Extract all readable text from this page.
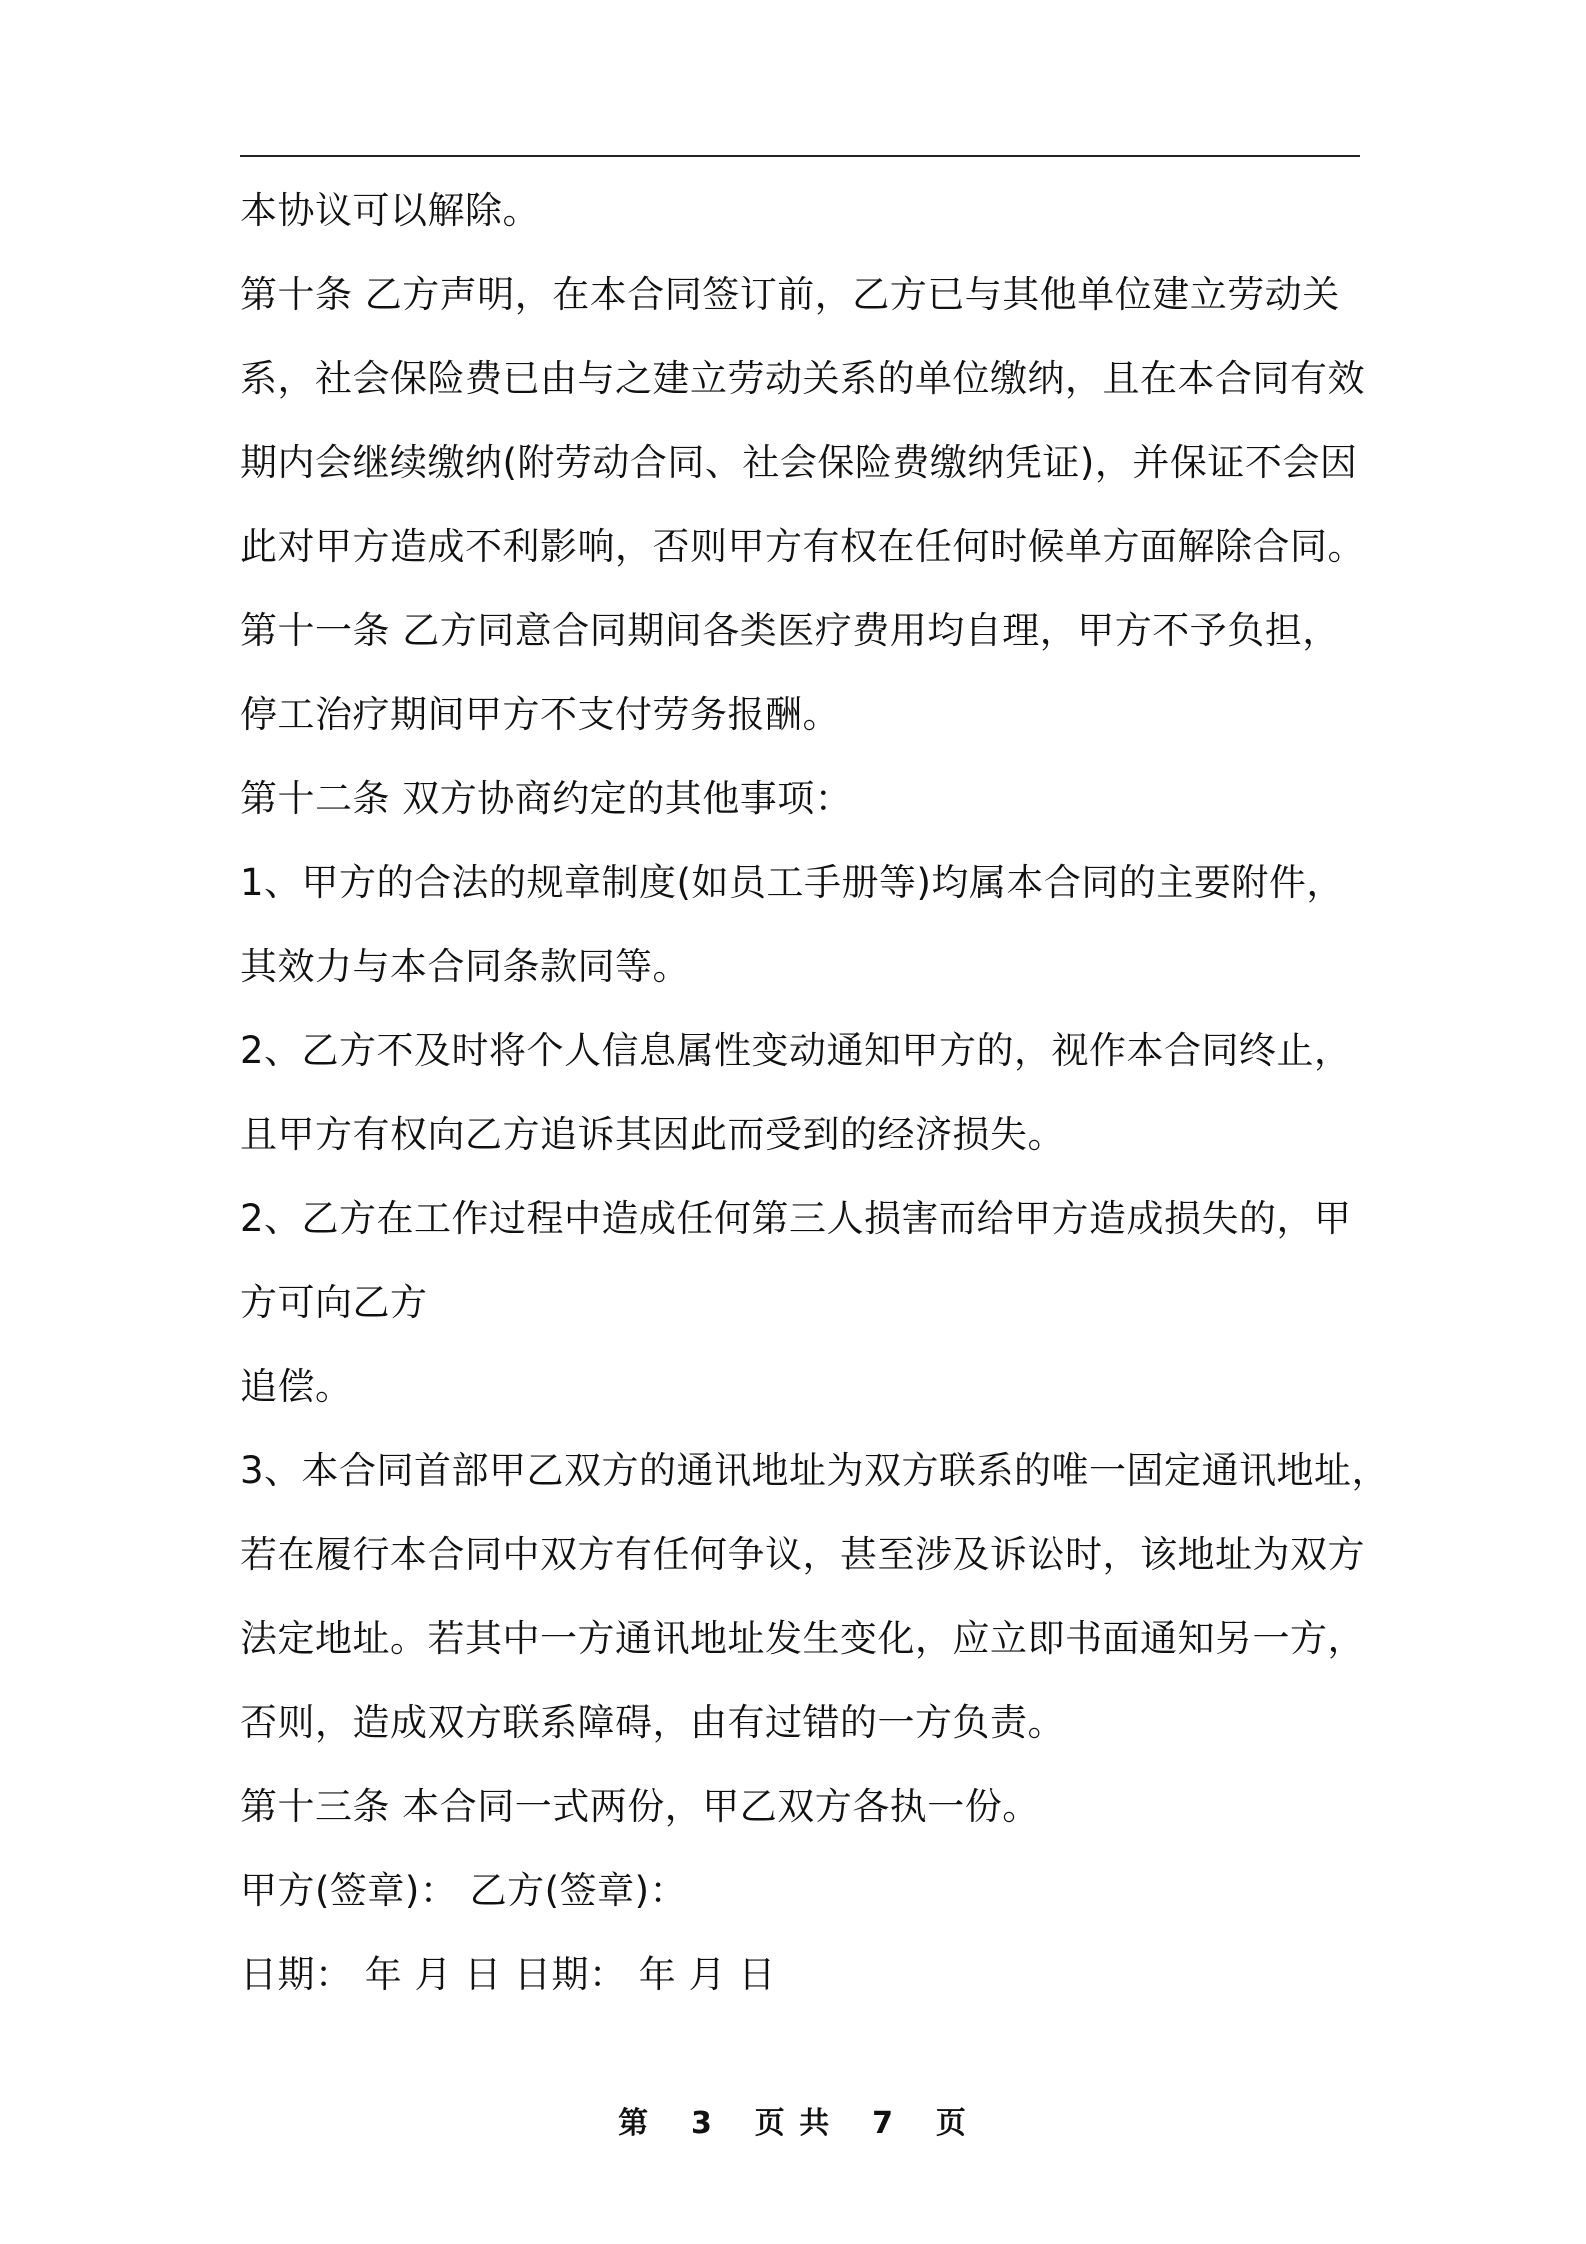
本协议可以解除。
第十条 乙方声明，在本合同签订前，乙方已与其他单位建立劳动关
系，社会保险费已由与之建立劳动关系的单位缴纳，且在本合同有效
期内会继续缴纳(附劳动合同、社会保险费缴纳凭证)，并保证不会因
此对甲方造成不利影响，否则甲方有权在任何时候单方面解除合同。
第十一条 乙方同意合同期间各类医疗费用均自理，甲方不予负担，
停工治疗期间甲方不支付劳务报酬。
第十二条 双方协商约定的其他事项：
1、甲方的合法的规章制度(如员工手册等)均属本合同的主要附件，
其效力与本合同条款同等。
2、乙方不及时将个人信息属性变动通知甲方的，视作本合同终止，
且甲方有权向乙方追诉其因此而受到的经济损失。
2、乙方在工作过程中造成任何第三人损害而给甲方造成损失的，甲
方可向乙方
追偿。
3、本合同首部甲乙双方的通讯地址为双方联系的唯一固定通讯地址，
若在履行本合同中双方有任何争议，甚至涉及诉讼时，该地址为双方
法定地址。若其中一方通讯地址发生变化，应立即书面通知另一方，
否则，造成双方联系障碍，由有过错的一方负责。
第十三条 本合同一式两份，甲乙双方各执一份。
甲方(签章)： 乙方(签章)：
日期： 年 月 日 日期： 年 月 日
第 3 页 共 7 页
